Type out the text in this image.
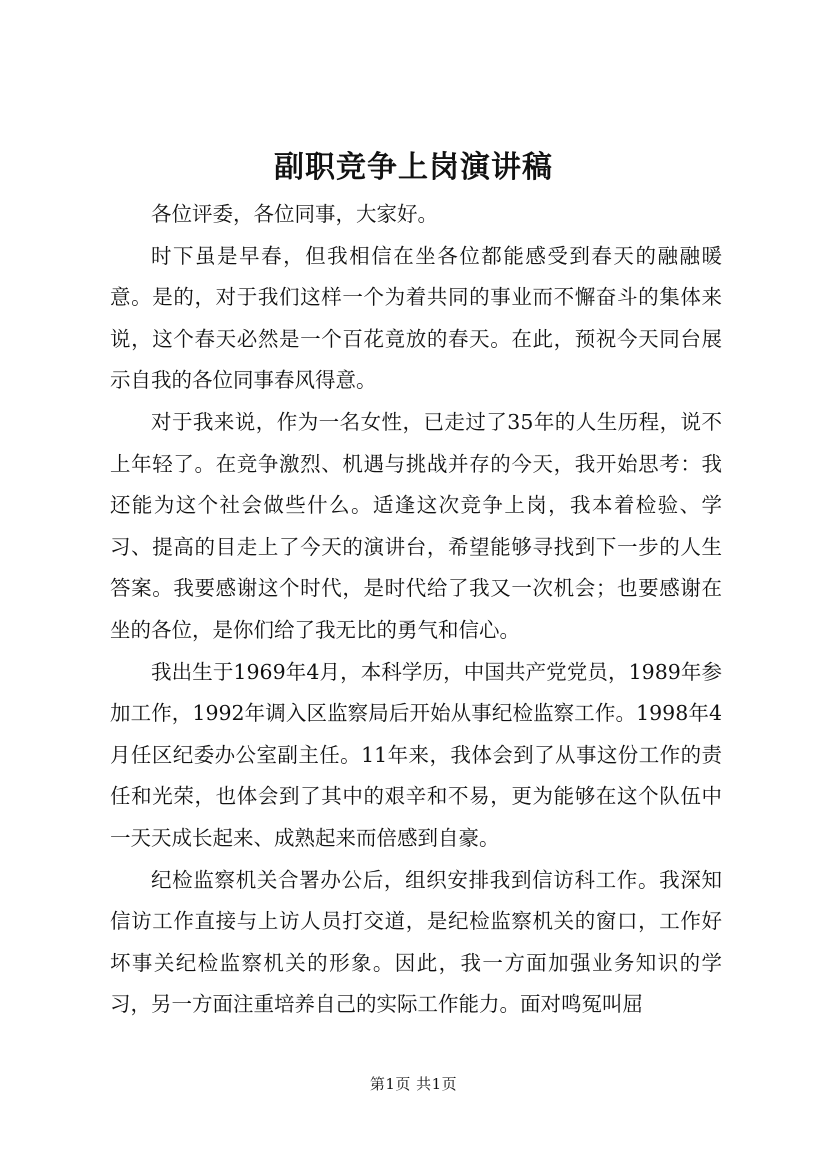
副职竞争上岗演讲稿

各位评委，各位同事，大家好。

时下虽是早春，但我相信在坐各位都能感受到春天的融融暖意。是的，对于我们这样一个为着共同的事业而不懈奋斗的集体来说，这个春天必然是一个百花竟放的春天。在此，预祝今天同台展示自我的各位同事春风得意。

对于我来说，作为一名女性，已走过了35年的人生历程，说不上年轻了。在竞争激烈、机遇与挑战并存的今天，我开始思考：我还能为这个社会做些什么。适逢这次竞争上岗，我本着检验、学习、提高的目走上了今天的演讲台，希望能够寻找到下一步的人生答案。我要感谢这个时代，是时代给了我又一次机会；也要感谢在坐的各位，是你们给了我无比的勇气和信心。

我出生于1969年4月，本科学历，中国共产党党员，1989年参加工作，1992年调入区监察局后开始从事纪检监察工作。1998年4月任区纪委办公室副主任。11年来，我体会到了从事这份工作的责任和光荣，也体会到了其中的艰辛和不易，更为能够在这个队伍中一天天成长起来、成熟起来而倍感到自豪。

纪检监察机关合署办公后，组织安排我到信访科工作。我深知信访工作直接与上访人员打交道，是纪检监察机关的窗口，工作好坏事关纪检监察机关的形象。因此，我一方面加强业务知识的学习，另一方面注重培养自己的实际工作能力。面对鸣冤叫屈

第1页 共1页
